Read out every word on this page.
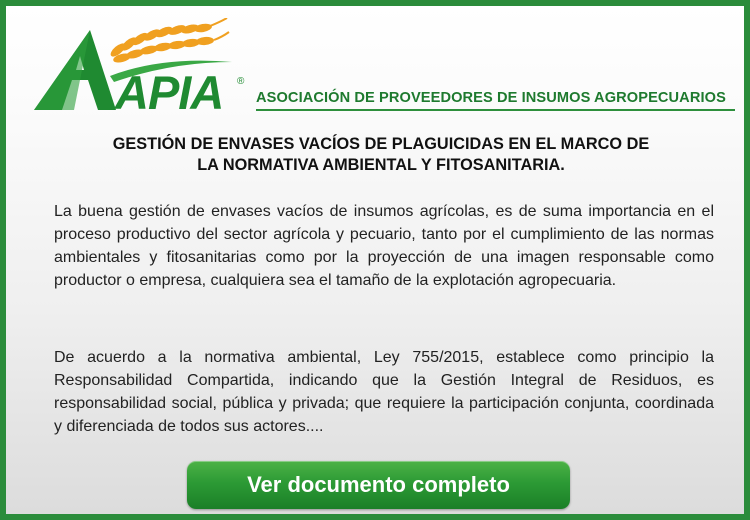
APIA ®
ASOCIACIÓN DE PROVEEDORES DE INSUMOS AGROPECUARIOS
GESTIÓN DE ENVASES VACÍOS DE PLAGUICIDAS EN EL MARCO DE
LA NORMATIVA AMBIENTAL Y FITOSANITARIA.
La buena gestión de envases vacíos de insumos agrícolas, es de suma importancia en el proceso productivo del sector agrícola y pecuario, tanto por el cumplimiento de las normas ambientales y fitosanitarias como por la proyección de una imagen responsable como productor o empresa, cualquiera sea el tamaño de la explotación agropecuaria.
De acuerdo a la normativa ambiental, Ley 755/2015, establece como principio la Responsabilidad Compartida, indicando que la Gestión Integral de Residuos, es responsabilidad social, pública y privada; que requiere la participación conjunta, coordinada y diferenciada de todos sus actores....
Ver documento completo
